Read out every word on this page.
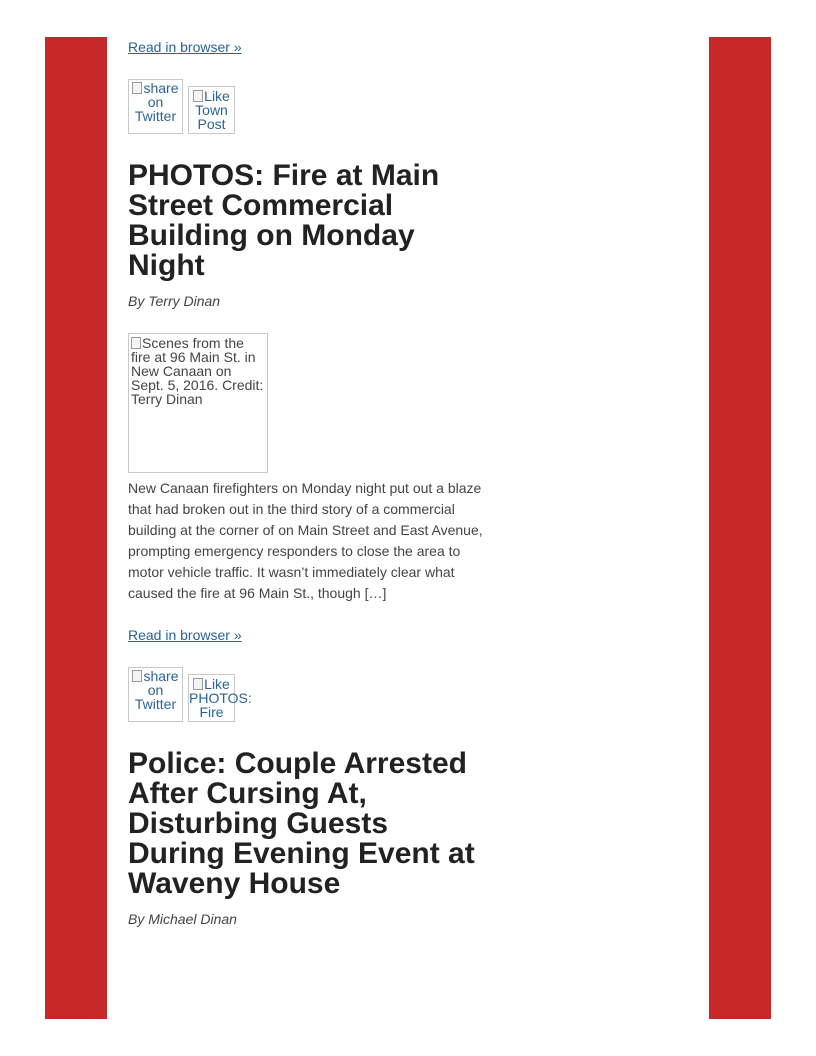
Read in browser »
share on Twitter
Like Town Post
PHOTOS: Fire at Main Street Commercial Building on Monday Night
By Terry Dinan
Scenes from the fire at 96 Main St. in New Canaan on Sept. 5, 2016. Credit: Terry Dinan
New Canaan firefighters on Monday night put out a blaze that had broken out in the third story of a commercial building at the corner of on Main Street and East Avenue, prompting emergency responders to close the area to motor vehicle traffic. It wasn’t immediately clear what caused the fire at 96 Main St., though […]
Read in browser »
share on Twitter
Like PHOTOS: Fire
Police: Couple Arrested After Cursing At, Disturbing Guests During Evening Event at Waveny House
By Michael Dinan
